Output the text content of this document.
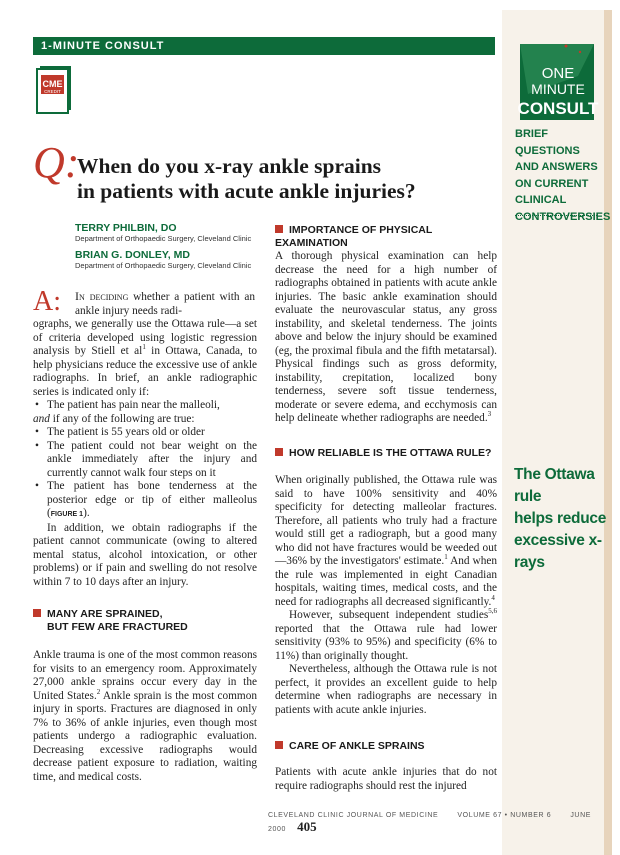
1-MINUTE CONSULT
CME
CREDIT
ONE
MINUTE
CONSULT
BRIEF QUESTIONS
AND ANSWERS
ON CURRENT
CLINICAL
CONTROVERSIES
The Ottawa rule
helps reduce
excessive x-rays
Q:
When do you x-ray ankle sprains
in patients with acute ankle injuries?
TERRY PHILBIN, DO
Department of Orthopaedic Surgery, Cleveland Clinic
BRIAN G. DONLEY, MD
Department of Orthopaedic Surgery, Cleveland Clinic
A: In deciding whether a patient with an ankle injury needs radi-

ographs, we generally use the Ottawa rule—a set of criteria developed using logistic regression analysis by Stiell et $al^1$ in Ottawa, Canada, to help physicians reduce the excessive use of ankle radiographs. In brief, an ankle radiographic series is indicated only if:

• The patient has pain near the malleoli,

and if any of the following are true:

• The patient is 55 years old or older

• The patient could not bear weight on the ankle immediately after the injury and currently cannot walk four steps on it

• The patient has bone tenderness at the posterior edge or tip of either malleolus (FIGURE 1).

In addition, we obtain radiographs if the patient cannot communicate (owing to altered mental status, alcohol intoxication, or other problems) or if pain and swelling do not resolve within 7 to 10 days after an injury.

MANY ARE SPRAINED,
BUT FEW ARE FRACTURED

Ankle trauma is one of the most common reasons for visits to an emergency room. Approximately 27,000 ankle sprains occur every day in the United States.$^2$ Ankle sprain is the most common injury in sports. Fractures are diagnosed in only 7% to 36% of ankle injuries, even though most patients undergo a radiographic evaluation. Decreasing excessive radiographs would decrease patient exposure to radiation, waiting time, and medical costs.

IMPORTANCE OF PHYSICAL EXAMINATION

A thorough physical examination can help decrease the need for a high number of radiographs obtained in patients with acute ankle injuries. The basic ankle examination should evaluate the neurovascular status, any gross instability, and skeletal tenderness. The joints above and below the injury should be examined (eg, the proximal fibula and the fifth metatarsal). Physical findings such as gross deformity, instability, crepitation, localized bony tenderness, severe soft tissue tenderness, moderate or severe edema, and ecchymosis can help delineate whether radiographs are needed.$^3$

HOW RELIABLE IS THE OTTAWA RULE?

When originally published, the Ottawa rule was said to have 100% sensitivity and 40% specificity for detecting malleolar fractures. Therefore, all patients who truly had a fracture would still get a radiograph, but a good many who did not have fractures would be weeded out—36% by the investigators' estimate.$^1$ And when the rule was implemented in eight Canadian hospitals, waiting times, medical costs, and the need for radiographs all decreased significantly.$^4$

However, subsequent independent studies$^{5,6}$ reported that the Ottawa rule had lower sensitivity (93% to 95%) and specificity (6% to 11%) than originally thought.

Nevertheless, although the Ottawa rule is not perfect, it provides an excellent guide to help determine when radiographs are necessary in patients with acute ankle injuries.

CARE OF ANKLE SPRAINS

Patients with acute ankle injuries that do not require radiographs should rest the injured

CLEVELAND CLINIC JOURNAL OF MEDICINE	VOLUME 67 • NUMBER 6	JUNE 2000 405
